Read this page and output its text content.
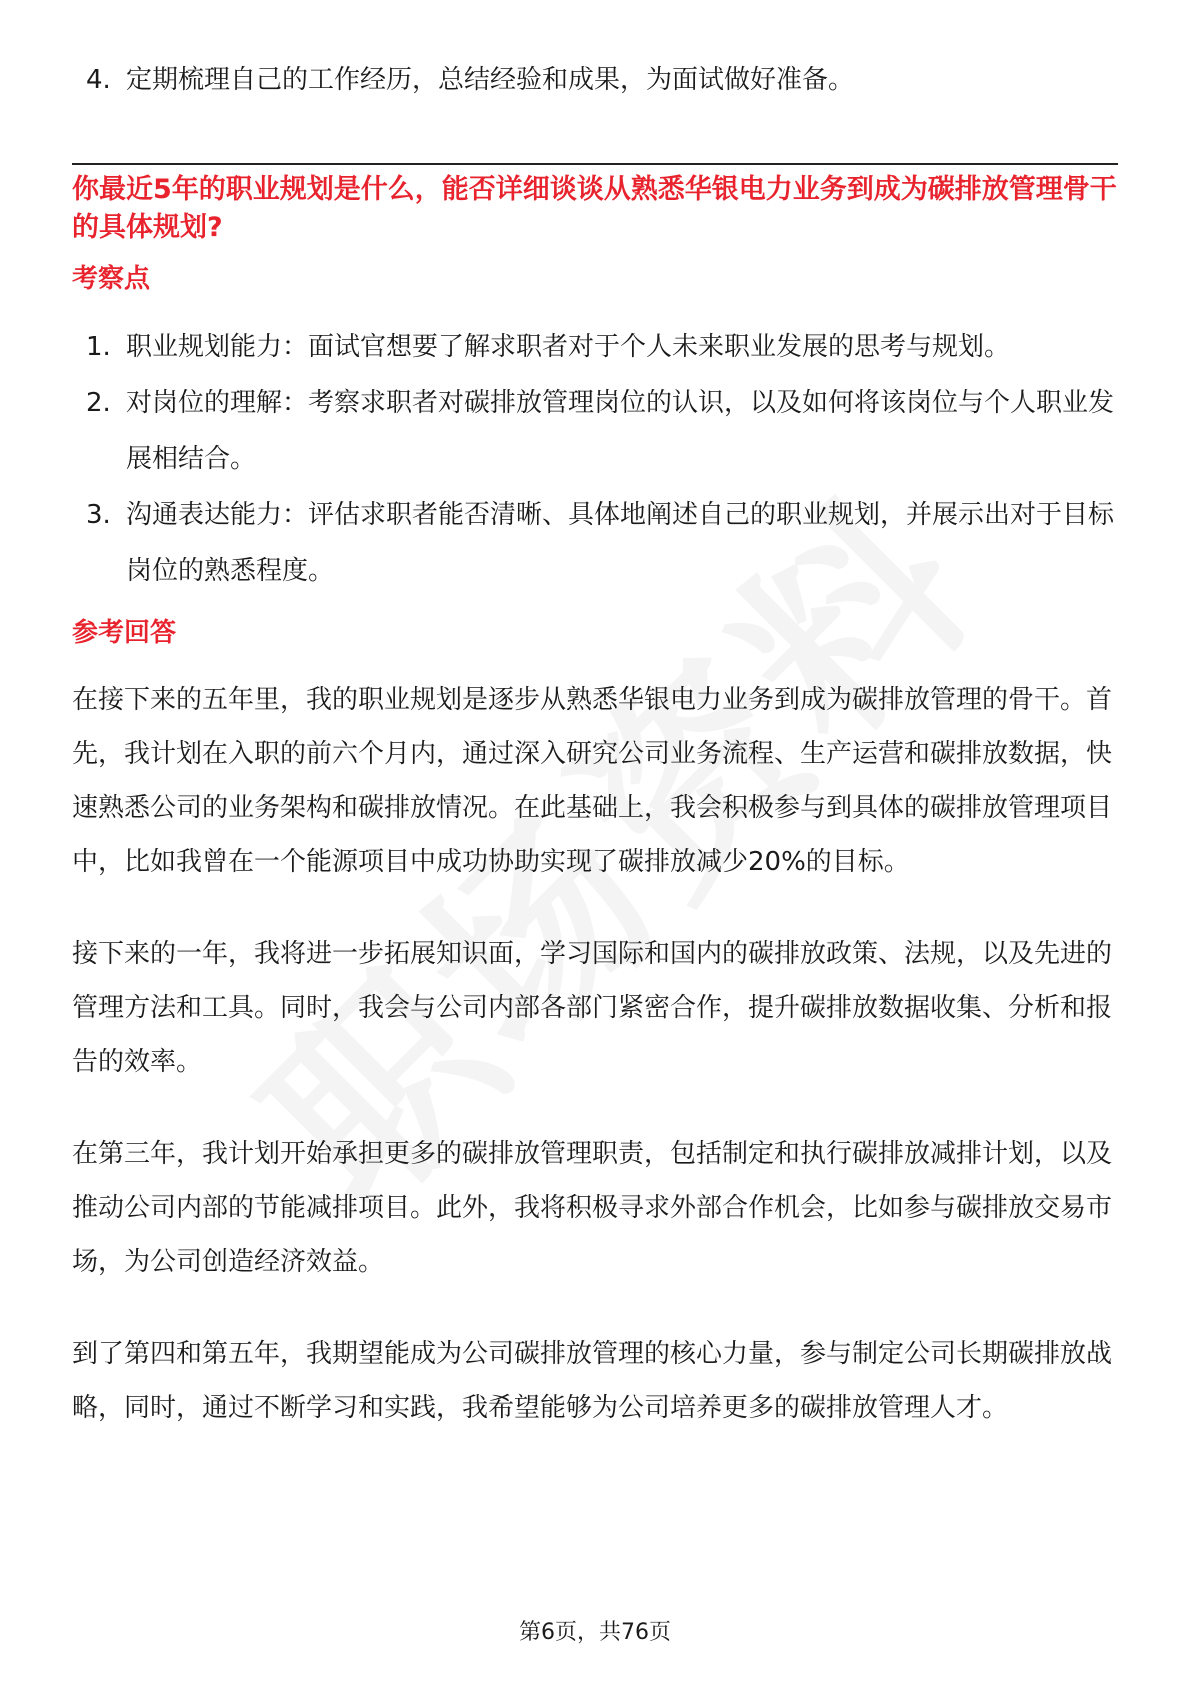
4. 定期梳理自己的工作经历，总结经验和成果，为面试做好准备。
你最近5年的职业规划是什么，能否详细谈谈从熟悉华银电力业务到成为碳排放管理骨干的具体规划?
考察点
1. 职业规划能力：面试官想要了解求职者对于个人未来职业发展的思考与规划。
2. 对岗位的理解：考察求职者对碳排放管理岗位的认识，以及如何将该岗位与个人职业发展相结合。
3. 沟通表达能力：评估求职者能否清晰、具体地阐述自己的职业规划，并展示出对于目标岗位的熟悉程度。
参考回答

在接下来的五年里，我的职业规划是逐步从熟悉华银电力业务到成为碳排放管理的骨干。首先，我计划在入职的前六个月内，通过深入研究公司业务流程、生产运营和碳排放数据，快速熟悉公司的业务架构和碳排放情况。在此基础上，我会积极参与到具体的碳排放管理项目中，比如我曾在一个能源项目中成功协助实现了碳排放减少20%的目标。

接下来的一年，我将进一步拓展知识面，学习国际和国内的碳排放政策、法规，以及先进的管理方法和工具。同时，我会与公司内部各部门紧密合作，提升碳排放数据收集、分析和报告的效率。

在第三年，我计划开始承担更多的碳排放管理职责，包括制定和执行碳排放减排计划，以及推动公司内部的节能减排项目。此外，我将积极寻求外部合作机会，比如参与碳排放交易市场，为公司创造经济效益。

到了第四和第五年，我期望能成为公司碳排放管理的核心力量，参与制定公司长期碳排放战略，同时，通过不断学习和实践，我希望能够为公司培养更多的碳排放管理人才。

第6页，共76页
